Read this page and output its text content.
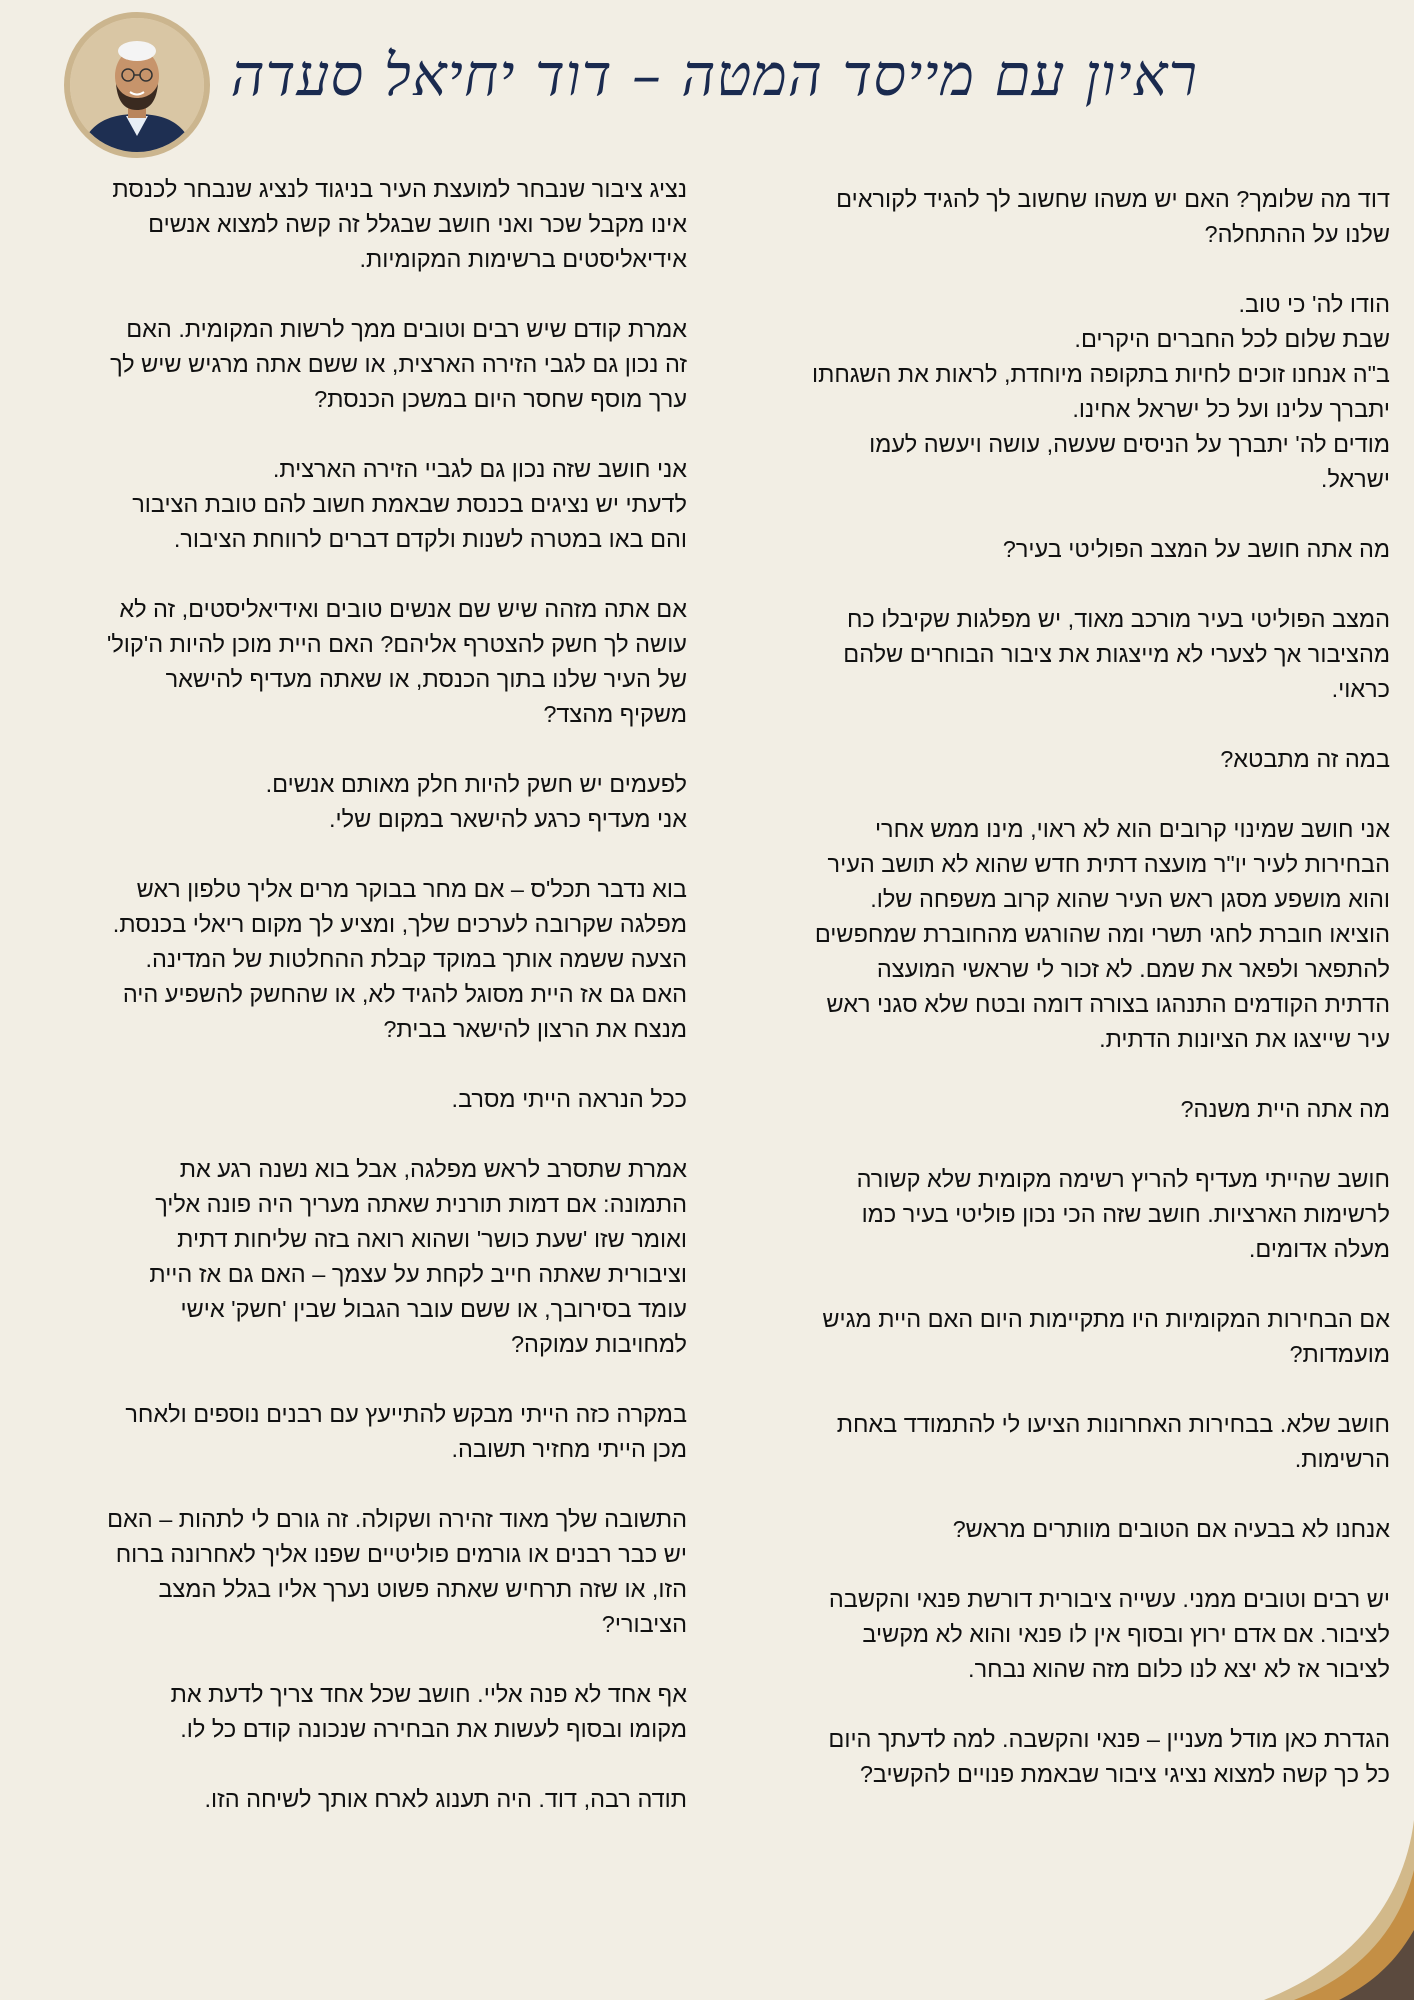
ראיון עם מייסד המטה – דוד יחיאל סעדה

דוד מה שלומך? האם יש משהו שחשוב לך להגיד לקוראים
שלנו על ההתחלה?

הודו לה' כי טוב.
שבת שלום לכל החברים היקרים.
ב"ה אנחנו זוכים לחיות בתקופה מיוחדת, לראות את השגחתו
יתברך עלינו ועל כל ישראל אחינו.
מודים לה' יתברך על הניסים שעשה, עושה ויעשה לעמו
ישראל.

מה אתה חושב על המצב הפוליטי בעיר?

המצב הפוליטי בעיר מורכב מאוד, יש מפלגות שקיבלו כח
מהציבור אך לצערי לא מייצגות את ציבור הבוחרים שלהם
כראוי.

במה זה מתבטא?

אני חושב שמינוי קרובים הוא לא ראוי, מינו ממש אחרי
הבחירות לעיר יו"ר מועצה דתית חדש שהוא לא תושב העיר
והוא מושפע מסגן ראש העיר שהוא קרוב משפחה שלו.
הוציאו חוברת לחגי תשרי ומה שהורגש מהחוברת שמחפשים
להתפאר ולפאר את שמם. לא זכור לי שראשי המועצה
הדתית הקודמים התנהגו בצורה דומה ובטח שלא סגני ראש
עיר שייצגו את הציונות הדתית.

מה אתה היית משנה?

חושב שהייתי מעדיף להריץ רשימה מקומית שלא קשורה
לרשימות הארציות. חושב שזה הכי נכון פוליטי בעיר כמו
מעלה אדומים.

אם הבחירות המקומיות היו מתקיימות היום האם היית מגיש
מועמדות?

חושב שלא. בבחירות האחרונות הציעו לי להתמודד באחת
הרשימות.

אנחנו לא בבעיה אם הטובים מוותרים מראש?

יש רבים וטובים ממני. עשייה ציבורית דורשת פנאי והקשבה
לציבור. אם אדם ירוץ ובסוף אין לו פנאי והוא לא מקשיב
לציבור אז לא יצא לנו כלום מזה שהוא נבחר.

הגדרת כאן מודל מעניין – פנאי והקשבה. למה לדעתך היום
כל כך קשה למצוא נציגי ציבור שבאמת פנויים להקשיב?

נציג ציבור שנבחר למועצת העיר בניגוד לנציג שנבחר לכנסת
אינו מקבל שכר ואני חושב שבגלל זה קשה למצוא אנשים
אידיאליסטים ברשימות המקומיות.

אמרת קודם שיש רבים וטובים ממך לרשות המקומית. האם
זה נכון גם לגבי הזירה הארצית, או ששם אתה מרגיש שיש לך
ערך מוסף שחסר היום במשכן הכנסת?

אני חושב שזה נכון גם לגביי הזירה הארצית.
לדעתי יש נציגים בכנסת שבאמת חשוב להם טובת הציבור
והם באו במטרה לשנות ולקדם דברים לרווחת הציבור.

אם אתה מזהה שיש שם אנשים טובים ואידיאליסטים, זה לא
עושה לך חשק להצטרף אליהם? האם היית מוכן להיות ה'קול'
של העיר שלנו בתוך הכנסת, או שאתה מעדיף להישאר
משקיף מהצד?

לפעמים יש חשק להיות חלק מאותם אנשים.
אני מעדיף כרגע להישאר במקום שלי.

בוא נדבר תכל'ס – אם מחר בבוקר מרים אליך טלפון ראש
מפלגה שקרובה לערכים שלך, ומציע לך מקום ריאלי בכנסת.
הצעה ששמה אותך במוקד קבלת ההחלטות של המדינה.
האם גם אז היית מסוגל להגיד לא, או שהחשק להשפיע היה
מנצח את הרצון להישאר בבית?

ככל הנראה הייתי מסרב.

אמרת שתסרב לראש מפלגה, אבל בוא נשנה רגע את
התמונה: אם דמות תורנית שאתה מעריך היה פונה אליך
ואומר שזו 'שעת כושר' ושהוא רואה בזה שליחות דתית
וציבורית שאתה חייב לקחת על עצמך – האם גם אז היית
עומד בסירובך, או ששם עובר הגבול שבין 'חשק' אישי
למחויבות עמוקה?

במקרה כזה הייתי מבקש להתייעץ עם רבנים נוספים ולאחר
מכן הייתי מחזיר תשובה.

התשובה שלך מאוד זהירה ושקולה. זה גורם לי לתהות – האם
יש כבר רבנים או גורמים פוליטיים שפנו אליך לאחרונה ברוח
הזו, או שזה תרחיש שאתה פשוט נערך אליו בגלל המצב
הציבורי?

אף אחד לא פנה אליי. חושב שכל אחד צריך לדעת את
מקומו ובסוף לעשות את הבחירה שנכונה קודם כל לו.

תודה רבה, דוד. היה תענוג לארח אותך לשיחה הזו.
